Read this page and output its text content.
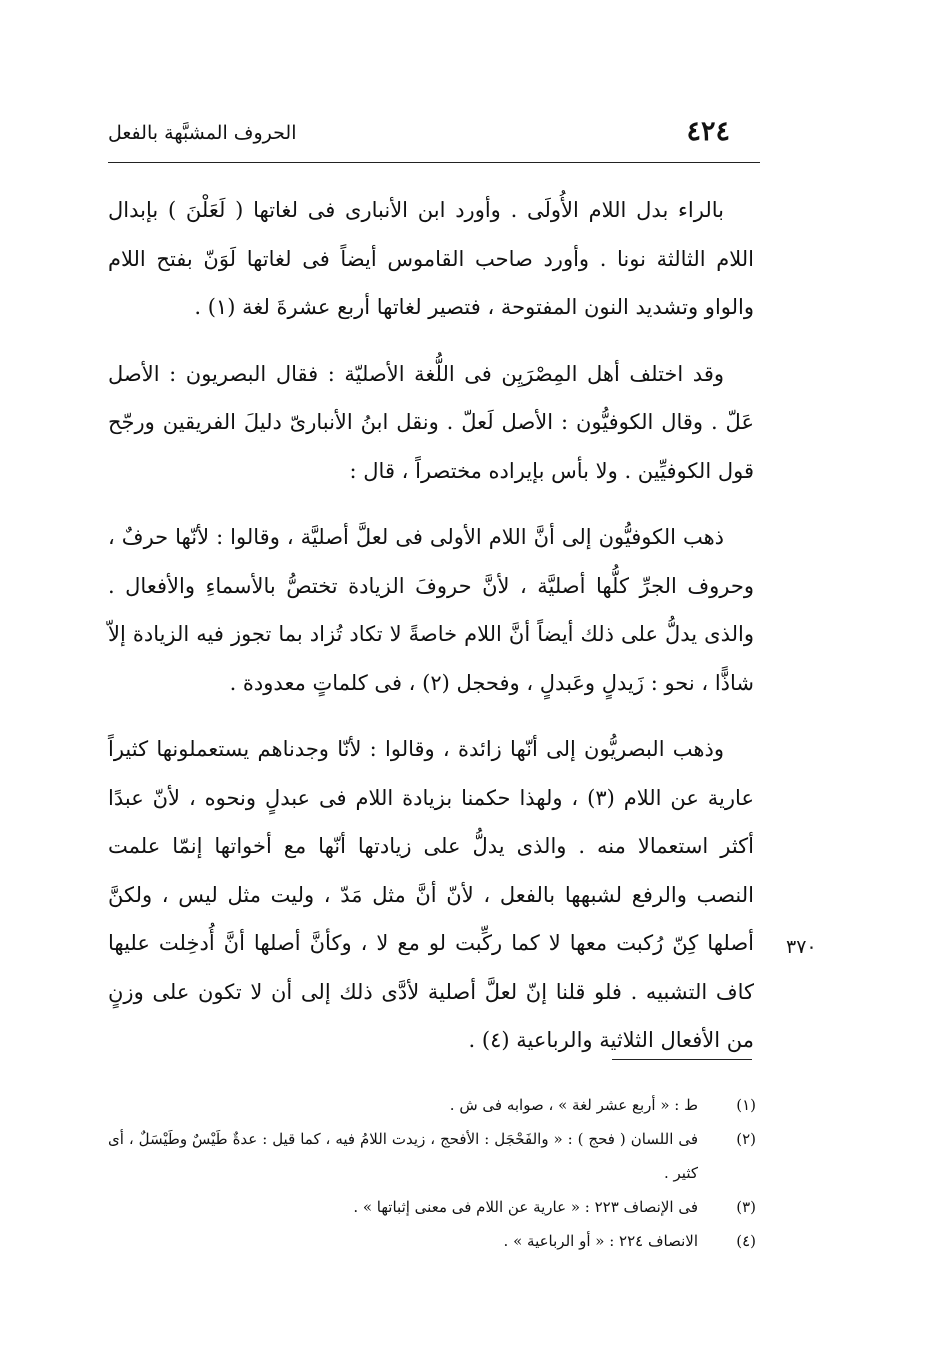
٤٢٤
الحروف المشبَّهة بالفعل

بالراء بدل اللام الأُولَى . وأورد ابن الأنبارى فى لغاتها ( لَعَلْنَ ) بإبدال اللام الثالثة نونا . وأورد صاحب القاموس أيضاً فى لغاتها لَوَنّ بفتح اللام والواو وتشديد النون المفتوحة ، فتصير لغاتها أربع عشرةَ لغة (١) .

وقد اختلف أهل المِصْرَيِن فى اللُّغة الأصليّة : فقال البصريون : الأصل عَلّ . وقال الكوفيُّون : الأصل لَعلّ . ونقل ابنُ الأنبارىّ دليلَ الفريقين ورجّح قول الكوفيِّين . ولا بأس بإيراده مختصراً ، قال :

ذهب الكوفيُّون إلى أنَّ اللام الأولى فى لعلَّ أصليَّة ، وقالوا : لأنّها حرفٌ ، وحروف الجرِّ كلُّها أصليَّة ، لأنَّ حروفَ الزيادة تختصُّ بالأسماءِ والأفعال . والذى يدلُّ على ذلك أيضاً أنَّ اللام خاصةً لا تكاد تُزاد بما تجوز فيه الزيادة إلاّ شاذًّا ، نحو : زَيدلٍ وعَبدلٍ ، وفحجل (٢) ، فى كلماتٍ معدودة .

وذهب البصريُّون إلى أنّها زائدة ، وقالوا : لأنّا وجدناهم يستعملونها كثيراً عارية عن اللام (٣) ، ولهذا حكمنا بزيادة اللام فى عبدلٍ ونحوه ، لأنّ عبدًا أكثر استعمالا منه . والذى يدلُّ على زيادتها أنّها مع أخواتها إنمّا علمت النصب والرفع لشبهها بالفعل ، لأنّ أنَّ مثل مَدّ ، وليت مثل ليس ، ولكنَّ أصلها كِنّ رُكبت معها لا كما ركِّبت لو مع لا ، وكأنَّ أصلها أنَّ أُدخِلت عليها كاف التشبيه . فلو قلنا إنّ لعلَّ أصلية لأدَّى ذلك إلى أن لا تكون على وزنٍ من الأفعال الثلاثية والرباعية (٤) .

٣٧٠
(١)
ط : « أربع عشر لغة » ، صوابه فى ش .
(٢)
فى اللسان ( فحج ) : « والفَحْجَل : الأفحج ، زيدت اللامُ فيه ، كما قيل : عدةٌ طَيْسٌ وطَيْسَلٌ ، أى كثير .
(٣)
فى الإنصاف ٢٢٣ : « عارية عن اللام فى معنى إثباتها » .
(٤)
الانصاف ٢٢٤ : « أو الرباعية » .
